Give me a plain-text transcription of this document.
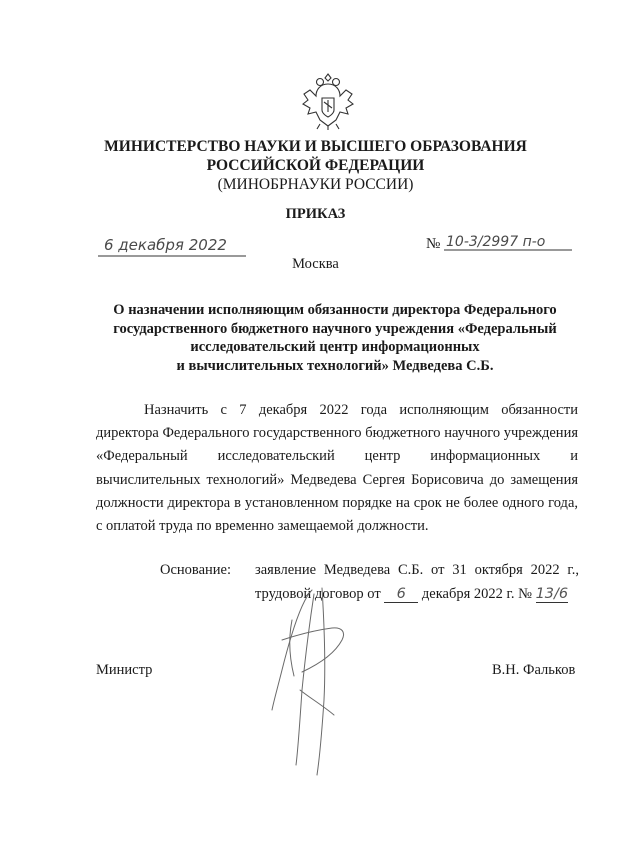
МИНИСТЕРСТВО НАУКИ И ВЫСШЕГО ОБРАЗОВАНИЯ
РОССИЙСКОЙ ФЕДЕРАЦИИ
(МИНОБРНАУКИ РОССИИ)
ПРИКАЗ
6 декабря 2022	№ 10-3/2997 п-о
Москва
О назначении исполняющим обязанности директора Федерального
государственного бюджетного научного учреждения «Федеральный
исследовательский центр информационных
и вычислительных технологий» Медведева С.Б.
Назначить с 7 декабря 2022 года исполняющим обязанности директора Федерального государственного бюджетного научного учреждения «Федеральный исследовательский центр информационных и вычислительных технологий» Медведева Сергея Борисовича до замещения должности директора в установленном порядке на срок не более одного года, с оплатой труда по временно замещаемой должности.
Основание: заявление Медведева С.Б. от 31 октября 2022 г.,
трудовой договор от 6 декабря 2022 г. № 13/6
Министр	В.Н. Фальков
